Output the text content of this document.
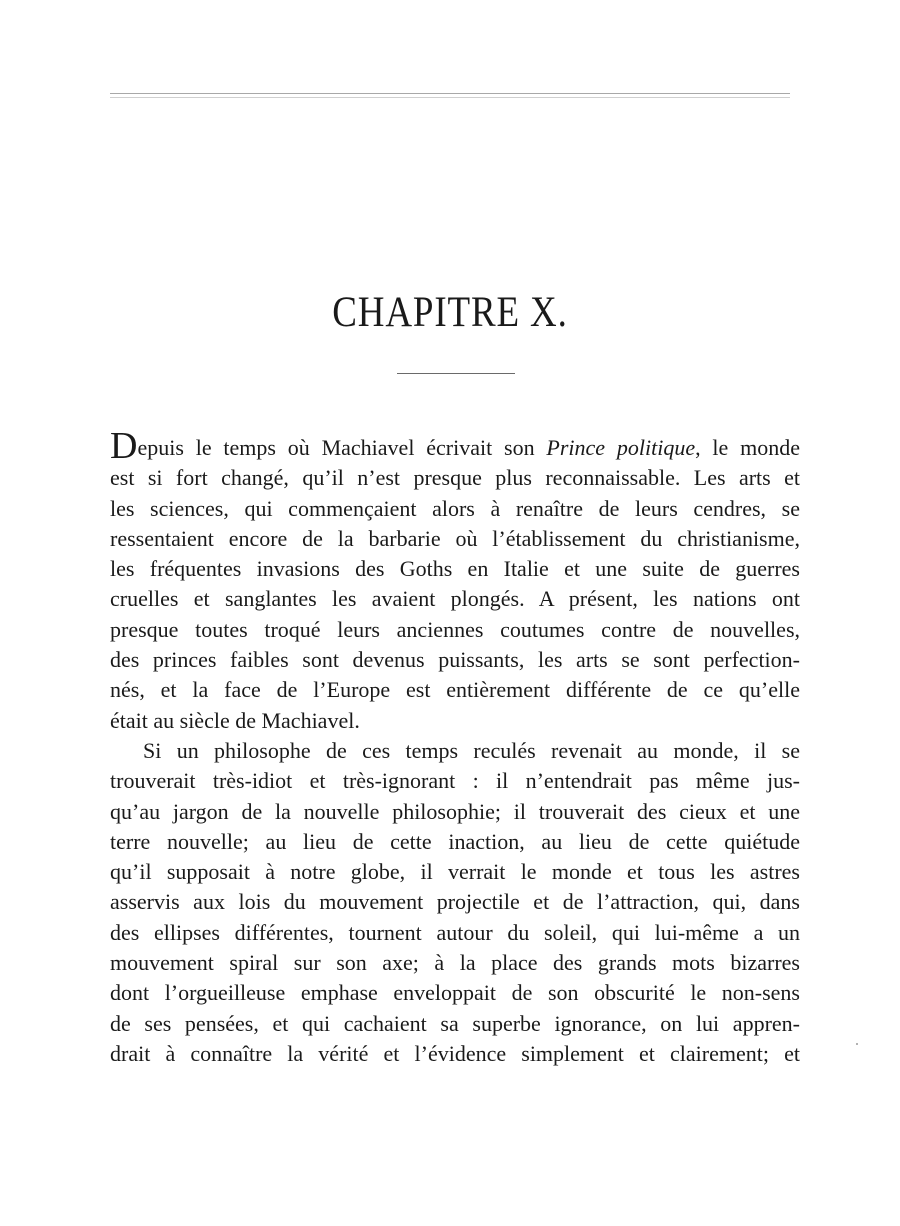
CHAPITRE X.
Depuis le temps où Machiavel écrivait son Prince politique, le monde
est si fort changé, qu’il n’est presque plus reconnaissable. Les arts et
les sciences, qui commençaient alors à renaître de leurs cendres, se
ressentaient encore de la barbarie où l’établissement du christianisme,
les fréquentes invasions des Goths en Italie et une suite de guerres
cruelles et sanglantes les avaient plongés. A présent, les nations ont
presque toutes troqué leurs anciennes coutumes contre de nouvelles,
des princes faibles sont devenus puissants, les arts se sont perfection-
nés, et la face de l’Europe est entièrement différente de ce qu’elle
était au siècle de Machiavel.
Si un philosophe de ces temps reculés revenait au monde, il se
trouverait très-idiot et très-ignorant : il n’entendrait pas même jus-
qu’au jargon de la nouvelle philosophie; il trouverait des cieux et une
terre nouvelle; au lieu de cette inaction, au lieu de cette quiétude
qu’il supposait à notre globe, il verrait le monde et tous les astres
asservis aux lois du mouvement projectile et de l’attraction, qui, dans
des ellipses différentes, tournent autour du soleil, qui lui-même a un
mouvement spiral sur son axe; à la place des grands mots bizarres
dont l’orgueilleuse emphase enveloppait de son obscurité le non-sens
de ses pensées, et qui cachaient sa superbe ignorance, on lui appren-
drait à connaître la vérité et l’évidence simplement et clairement; et
